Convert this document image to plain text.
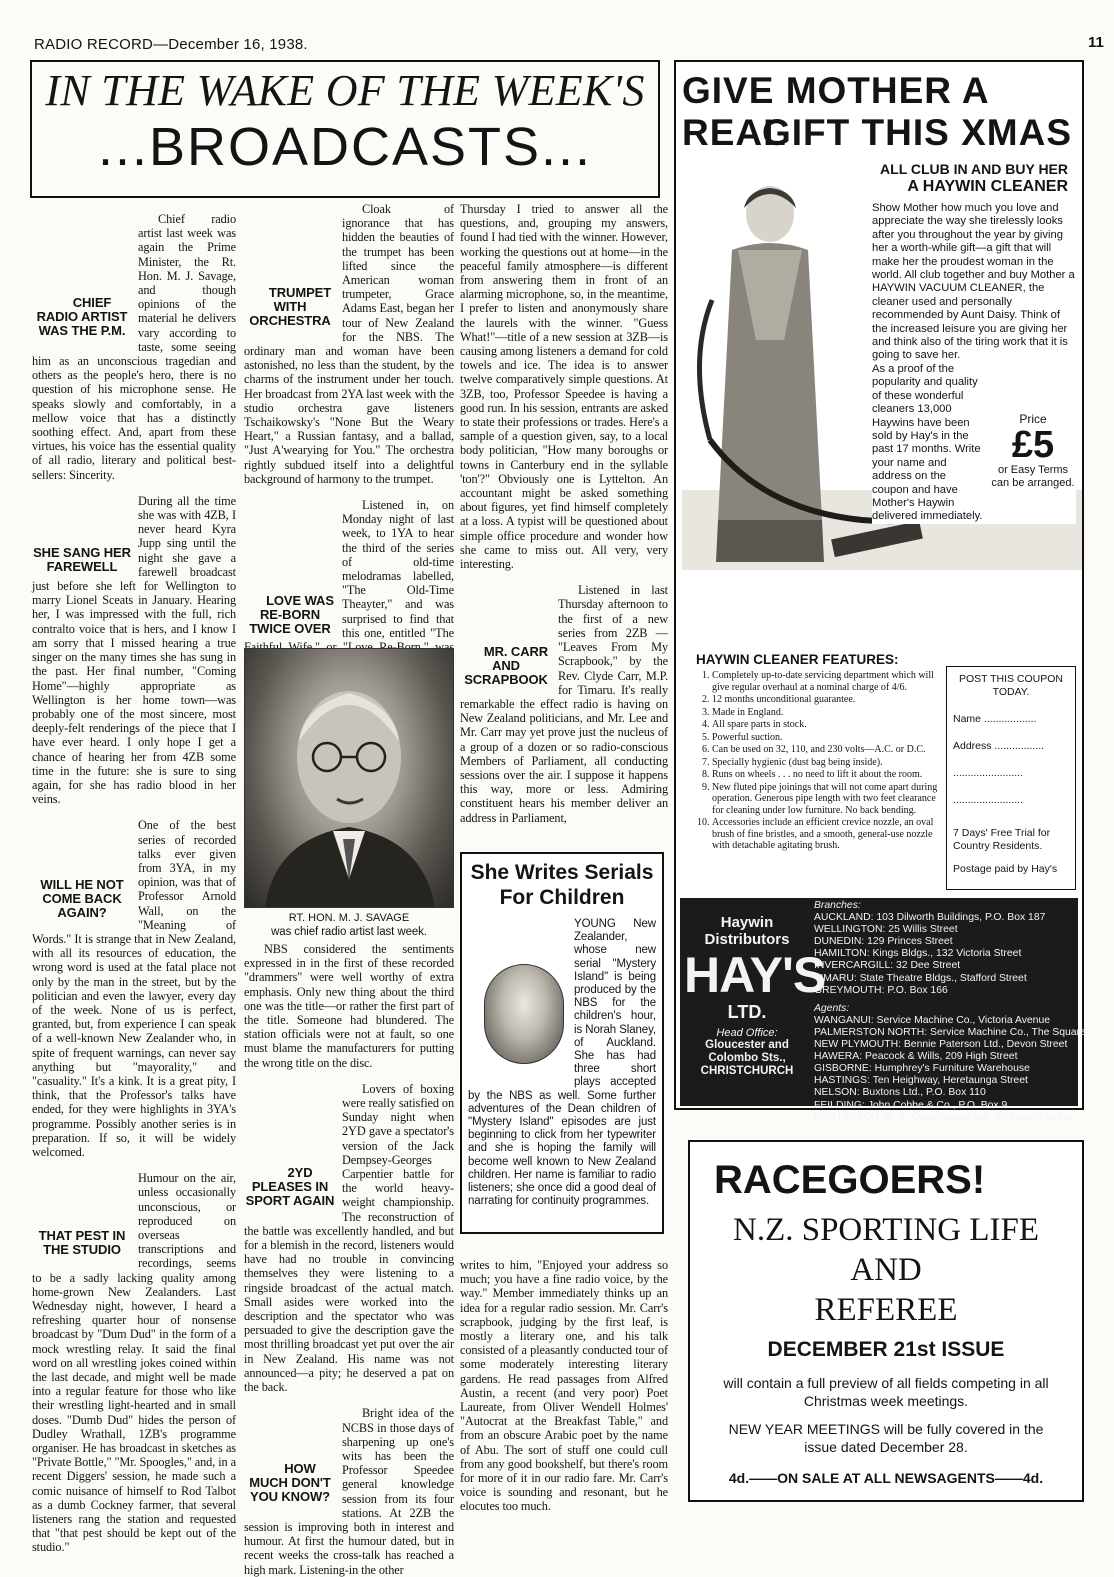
RADIO RECORD—December 16, 1938.	11
IN THE WAKE OF THE WEEK'S
...BROADCASTS...

CHIEF RADIO ARTIST WAS THE P.M.
Chief radio artist last week was again the Prime Minister, the Rt. Hon. M. J. Savage, and though opinions of the material he delivers vary according to taste, some seeing him as an unconscious tragedian and others as the people's hero, there is no question of his microphone sense. He speaks slowly and comfortably, in a mellow voice that has a distinctly soothing effect. And, apart from these virtues, his voice has the essential quality of all radio, literary and political best-sellers: Sincerity.

SHE SANG HER FAREWELL
During all the time she was with 4ZB, I never heard Kyra Jupp sing until the night she gave a farewell broadcast just before she left for Wellington to marry Lionel Sceats in January. Hearing her, I was impressed with the full, rich contralto voice that is hers, and I know I am sorry that I missed hearing a true singer on the many times she has sung in the past. Her final number, "Coming Home"—highly appropriate as Wellington is her home town—was probably one of the most sincere, most deeply-felt renderings of the piece that I have ever heard. I only hope I get a chance of hearing her from 4ZB some time in the future: she is sure to sing again, for she has radio blood in her veins.

WILL HE NOT COME BACK AGAIN?
One of the best series of recorded talks ever given from 3YA, in my opinion, was that of Professor Arnold Wall, on the "Meaning of Words." It is strange that in New Zealand, with all its resources of education, the wrong word is used at the fatal place not only by the man in the street, but by the politician and even the lawyer, every day of the week. None of us is perfect, granted, but, from experience I can speak of a well-known New Zealander who, in spite of frequent warnings, can never say anything but "mayorality," and "casuality." It's a kink. It is a great pity, I think, that the Professor's talks have ended, for they were highlights in 3YA's programme. Possibly another series is in preparation. If so, it will be widely welcomed.

THAT PEST IN THE STUDIO
Humour on the air, unless occasionally unconscious, or reproduced on overseas transcriptions and recordings, seems to be a sadly lacking quality among home-grown New Zealanders. Last Wednesday night, however, I heard a refreshing quarter hour of nonsense broadcast by "Dum Dud" in the form of a mock wrestling relay. It said the final word on all wrestling jokes coined within the last decade, and might well be made into a regular feature for those who like their wrestling light-hearted and in small doses. "Dumb Dud" hides the person of Dudley Wrathall, 1ZB's programme organiser. He has broadcast in sketches as "Private Bottle," "Mr. Spoogles," and, in a recent Diggers' session, he made such a comic nuisance of himself to Rod Talbot as a dumb Cockney farmer, that several listeners rang the station and requested that "that pest should be kept out of the studio."

TRUMPET WITH ORCHESTRA
Cloak of ignorance that has hidden the beauties of the trumpet has been lifted since the American woman trumpeter, Grace Adams East, began her tour of New Zealand for the NBS. The ordinary man and woman have been astonished, no less than the student, by the charms of the instrument under her touch. Her broadcast from 2YA last week with the studio orchestra gave listeners Tschaikowsky's "None But the Weary Heart," a Russian fantasy, and a ballad, "Just A'wearying for You." The orchestra rightly subdued itself into a delightful background of harmony to the trumpet.

LOVE WAS RE-BORN TWICE OVER
Listened in, on Monday night of last week, to 1YA to hear the third of the series of old-time melodramas labelled, "The Old-Time Theayter," and was surprised to find that this one, entitled "The

RT. HON. M. J. SAVAGE
was chief radio artist last week.

NBS considered the sentiments expressed in in the first of these recorded "drammers" were well worthy of extra emphasis. Only new thing about the third one was the title—or rather the first part of the title. Someone had blundered. The station officials were not at fault, so one must blame the manufacturers for putting the wrong title on the disc.

2YD PLEASES IN SPORT AGAIN
Lovers of boxing were really satisfied on Sunday night when 2YD gave a spectator's version of the Jack Dempsey-Georges Carpentier battle for the world heavy-weight championship. The reconstruction of the battle was excellently handled, and but for a blemish in the record, listeners would have had no trouble in convincing themselves they were listening to a ringside broadcast of the actual match. Small asides were worked into the description and the spectator who was persuaded to give the description gave the most thrilling broadcast yet put over the air in New Zealand. His name was not announced—a pity; he deserved a pat on the back.

HOW MUCH DON'T YOU KNOW?
Bright idea of the NCBS in those days of sharpening up one's wits has been the Professor Speedee general knowledge session from its four stations. At 2ZB the session is improving both in interest and humour. At first the humour dated, but in recent weeks the cross-talk has reached a high mark. Listening-in the other

Thursday I tried to answer all the questions, and, grouping my answers, found I had tied with the winner. However, working the questions out at home—in the peaceful family atmosphere—is different from answering them in front of an alarming microphone, so, in the meantime, I prefer to listen and anonymously share the laurels with the winner. "Guess What!"—title of a new session at 3ZB—is causing among listeners a demand for cold towels and ice. The idea is to answer twelve comparatively simple questions. At 3ZB, too, Professor Speedee is having a good run. In his session, entrants are asked to state their professions or trades. Here's a sample of a question given, say, to a local body politician, "How many boroughs or towns in Canterbury end in the syllable 'ton'?" Obviously one is Lyttelton. An accountant might be asked something about figures, yet find himself completely at a loss. A typist will be questioned about simple office procedure and wonder how she came to miss out. All very, very interesting.

MR. CARR AND SCRAPBOOK
Listened in last Thursday afternoon to the first of a new series from 2ZB — "Leaves From My Scrapbook," by the Rev. Clyde Carr, M.P. for Timaru. It's really remarkable the effect radio is having on New Zealand politicians, and Mr. Lee and Mr. Carr may yet prove just the nucleus of a group of a dozen or so radio-conscious Members of Parliament, all conducting sessions over the air. I suppose it happens this way, more or less. Admiring constituent hears his member deliver an address in Parliament,

She Writes Serials For Children
YOUNG New Zealander, whose new serial "Mystery Island" is being produced by the NBS for the children's hour, is Norah Slaney, of Auckland. She has had three short plays accepted by the NBS as well. Some further adventures of the Dean children of "Mystery Island" episodes are just beginning to click from her typewriter and she is hoping the family will become well known to New Zealand children. Her name is familiar to radio listeners; she once did a good deal of narrating for continuity programmes.

writes to him, "Enjoyed your address so much; you have a fine radio voice, by the way." Member immediately thinks up an idea for a regular radio session. Mr. Carr's scrapbook, judging by the first leaf, is mostly a literary one, and his talk consisted of a pleasantly conducted tour of some moderately interesting literary gardens. He read passages from Alfred Austin, a recent (and very poor) Poet Laureate, from Oliver Wendell Holmes' "Autocrat at the Breakfast Table," and from an obscure Arabic poet by the name of Abu. The sort of stuff one could cull from any good bookshelf, but there's room for more of it in our radio fare. Mr. Carr's voice is sounding and resonant, but he elocutes too much.

GIVE MOTHER A REAL
GIFT THIS XMAS
ALL CLUB IN AND BUY HER
A HAYWIN CLEANER

Show Mother how much you love and appreciate the way she tirelessly looks after you throughout the year by giving her a worth-while gift—a gift that will make her the proudest woman in the world. All club together and buy Mother a HAYWIN VACUUM CLEANER, the cleaner used and personally recommended by Aunt Daisy. Think of the increased leisure you are giving her and think also of the tiring work that it is going to save her.

As a proof of the popularity and quality of these wonderful cleaners 13,000 Haywins have been sold by Hay's in the past 17 months. Write your name and address on the coupon and have Mother's Haywin delivered immediately.

Price
£5
or Easy Terms can be arranged.
HAYWIN CLEANER FEATURES:
1. Completely up-to-date servicing department which will give regular overhaul at a nominal charge of 4/6.
2. 12 months unconditional guarantee.
3. Made in England.
4. All spare parts in stock.
5. Powerful suction.
6. Can be used on 32, 110, and 230 volts—A.C. or D.C.
7. Specially hygienic (dust bag being inside).
8. Runs on wheels . . . no need to lift it about the room.
9. New fluted pipe joinings that will not come apart during operation. Generous pipe length with two feet clearance for cleaning under low furniture. No back bending.
10. Accessories include an efficient crevice nozzle, an oval brush of fine bristles, and a smooth, general-use nozzle with detachable agitating brush.
POST THIS COUPON TODAY.
Name ..................
Address .................
........................
........................
7 Days' Free Trial for Country Residents.
Postage paid by Hay's
Haywin Distributors
HAY'S
LTD.
Head Office:
Gloucester and Colombo Sts., CHRISTCHURCH
Branches:
AUCKLAND: 103 Dilworth Buildings, P.O. Box 187
WELLINGTON: 25 Willis Street
DUNEDIN: 129 Princes Street
HAMILTON: Kings Bldgs., 132 Victoria Street
INVERCARGILL: 32 Dee Street
TIMARU: State Theatre Bldgs., Stafford Street
GREYMOUTH: P.O. Box 166
Agents:
WANGANUI: Service Machine Co., Victoria Avenue
PALMERSTON NORTH: Service Machine Co., The Square
NEW PLYMOUTH: Bennie Paterson Ltd., Devon Street
HAWERA: Peacock & Wills, 209 High Street
GISBORNE: Humphrey's Furniture Warehouse
HASTINGS: Ten Heighway, Heretaunga Street
NELSON: Buxtons Ltd., P.O. Box 110
FEILDING: John Cobbe & Co., P.O. Box 9
MASTERTON: N. R. Cunningham Ltd., 29 Queen Street
RACEGOERS!
N.Z. SPORTING LIFE
AND
REFEREE
DECEMBER 21st ISSUE
will contain a full preview of all fields competing in all Christmas week meetings.
NEW YEAR MEETINGS will be fully covered in the issue dated December 28.
4d.——ON SALE AT ALL NEWSAGENTS——4d.
